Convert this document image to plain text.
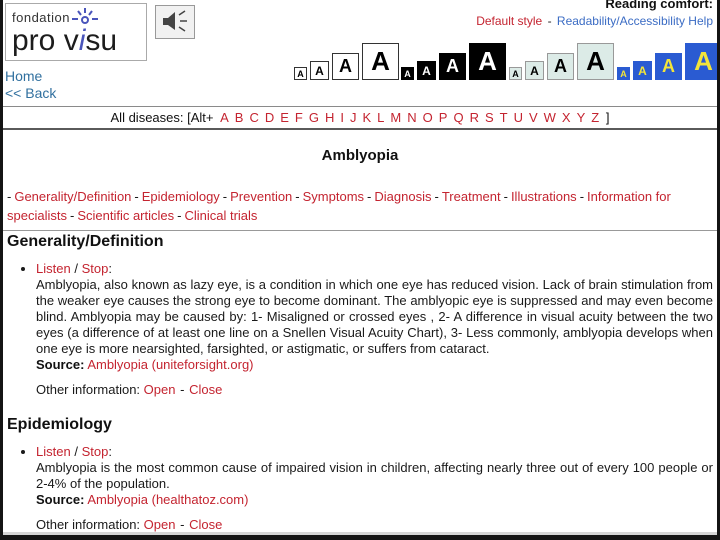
fondation
pro visu
Reading comfort:
Default style - Readability/Accessibility Help
A A A A	A A A A	A A A A	A A A A
Home
<< Back
All diseases: [Alt+ A B C D E F G H I J K L M N O P Q R S T U V W X Y Z ]
Amblyopia
- Generality/Definition - Epidemiology - Prevention - Symptoms - Diagnosis - Treatment - Illustrations - Information for specialists - Scientific articles - Clinical trials
Generality/Definition
• Listen / Stop:
Amblyopia, also known as lazy eye, is a condition in which one eye has reduced vision. Lack of brain stimulation from the weaker eye causes the strong eye to become dominant. The amblyopic eye is suppressed and may even become blind. Amblyopia may be caused by: 1- Misaligned or crossed eyes , 2- A difference in visual acuity between the two eyes (a difference of at least one line on a Snellen Visual Acuity Chart), 3- Less commonly, amblyopia develops when one eye is more nearsighted, farsighted, or astigmatic, or suffers from cataract.
Source: Amblyopia (uniteforsight.org)
Other information: Open - Close
Epidemiology
• Listen / Stop:
Amblyopia is the most common cause of impaired vision in children, affecting nearly three out of every 100 people or 2-4% of the population.
Source: Amblyopia (healthatoz.com)
Other information: Open - Close
